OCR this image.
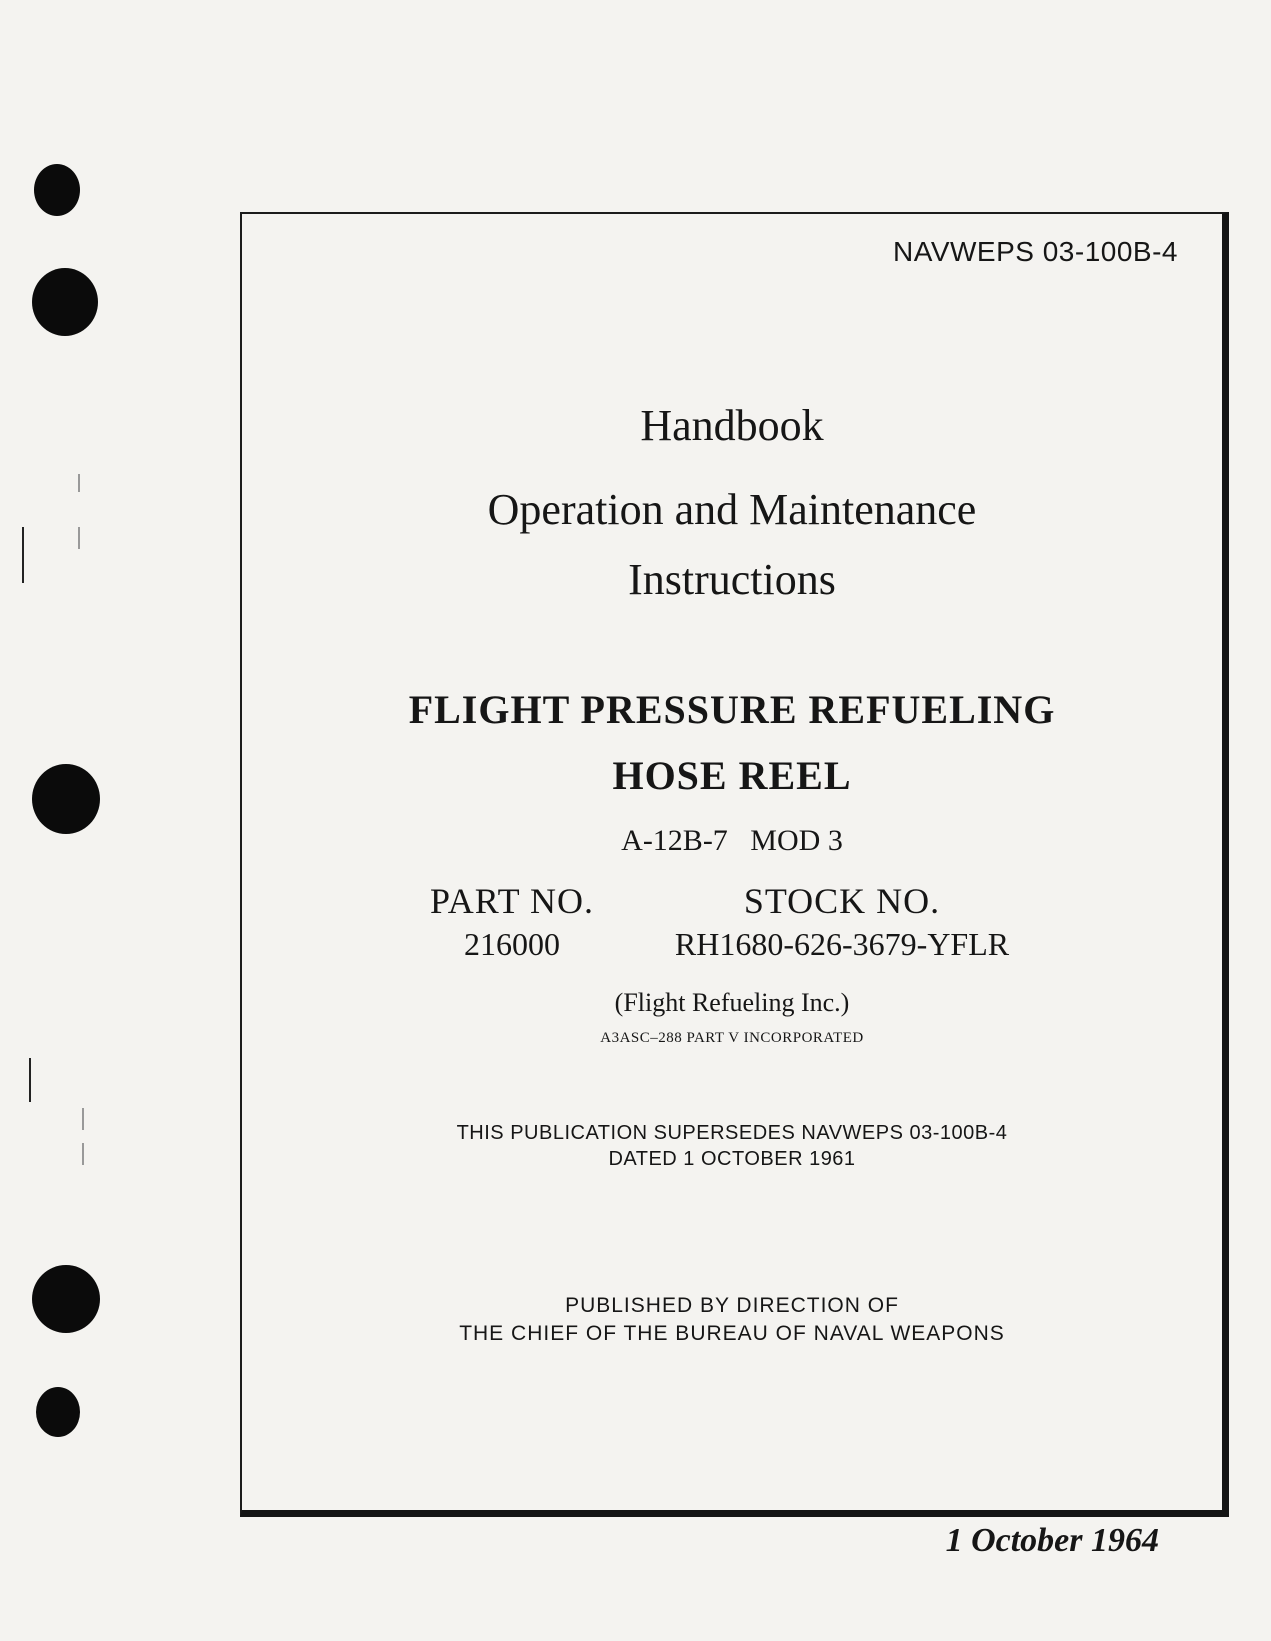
NAVWEPS 03-100B-4
Handbook
Operation and Maintenance
Instructions
FLIGHT PRESSURE REFUELING
HOSE REEL
A-12B-7   MOD 3
PART NO.
216000
STOCK NO.
RH1680-626-3679-YFLR
(Flight Refueling Inc.)
A3ASC–288 PART V INCORPORATED
THIS PUBLICATION SUPERSEDES NAVWEPS 03-100B-4
DATED 1 OCTOBER 1961
PUBLISHED BY DIRECTION OF
THE CHIEF OF THE BUREAU OF NAVAL WEAPONS
1 October 1964
